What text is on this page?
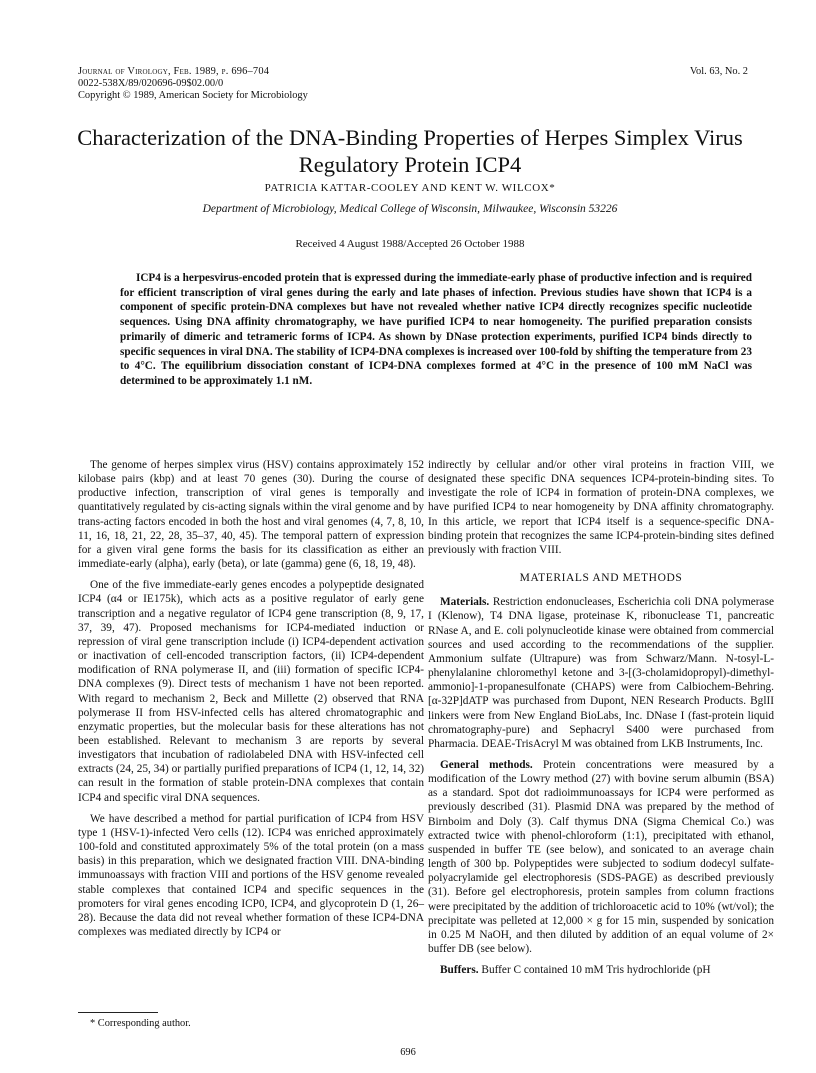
Journal of Virology, Feb. 1989, p. 696–704
0022-538X/89/020696-09$02.00/0
Copyright © 1989, American Society for Microbiology
Vol. 63, No. 2
Characterization of the DNA-Binding Properties of Herpes Simplex Virus Regulatory Protein ICP4
PATRICIA KATTAR-COOLEY AND KENT W. WILCOX*
Department of Microbiology, Medical College of Wisconsin, Milwaukee, Wisconsin 53226
Received 4 August 1988/Accepted 26 October 1988

ICP4 is a herpesvirus-encoded protein that is expressed during the immediate-early phase of productive infection and is required for efficient transcription of viral genes during the early and late phases of infection. Previous studies have shown that ICP4 is a component of specific protein-DNA complexes but have not revealed whether native ICP4 directly recognizes specific nucleotide sequences. Using DNA affinity chromatography, we have purified ICP4 to near homogeneity. The purified preparation consists primarily of dimeric and tetrameric forms of ICP4. As shown by DNase protection experiments, purified ICP4 binds directly to specific sequences in viral DNA. The stability of ICP4-DNA complexes is increased over 100-fold by shifting the temperature from 23 to 4°C. The equilibrium dissociation constant of ICP4-DNA complexes formed at 4°C in the presence of 100 mM NaCl was determined to be approximately 1.1 nM.

The genome of herpes simplex virus (HSV) contains approximately 152 kilobase pairs (kbp) and at least 70 genes (30). During the course of productive infection, transcription of viral genes is temporally and quantitatively regulated by cis-acting signals within the viral genome and by trans-acting factors encoded in both the host and viral genomes (4, 7, 8, 10, 11, 16, 18, 21, 22, 28, 35–37, 40, 45). The temporal pattern of expression for a given viral gene forms the basis for its classification as either an immediate-early (alpha), early (beta), or late (gamma) gene (6, 18, 19, 48).

One of the five immediate-early genes encodes a polypeptide designated ICP4 (α4 or IE175k), which acts as a positive regulator of early gene transcription and a negative regulator of ICP4 gene transcription (8, 9, 17, 37, 39, 47). Proposed mechanisms for ICP4-mediated induction or repression of viral gene transcription include (i) ICP4-dependent activation or inactivation of cell-encoded transcription factors, (ii) ICP4-dependent modification of RNA polymerase II, and (iii) formation of specific ICP4-DNA complexes (9). Direct tests of mechanism 1 have not been reported. With regard to mechanism 2, Beck and Millette (2) observed that RNA polymerase II from HSV-infected cells has altered chromatographic and enzymatic properties, but the molecular basis for these alterations has not been established. Relevant to mechanism 3 are reports by several investigators that incubation of radiolabeled DNA with HSV-infected cell extracts (24, 25, 34) or partially purified preparations of ICP4 (1, 12, 14, 32) can result in the formation of stable protein-DNA complexes that contain ICP4 and specific viral DNA sequences.

We have described a method for partial purification of ICP4 from HSV type 1 (HSV-1)-infected Vero cells (12). ICP4 was enriched approximately 100-fold and constituted approximately 5% of the total protein (on a mass basis) in this preparation, which we designated fraction VIII. DNA-binding immunoassays with fraction VIII and portions of the HSV genome revealed stable complexes that contained ICP4 and specific sequences in the promoters for viral genes encoding ICP0, ICP4, and glycoprotein D (1, 26–28). Because the data did not reveal whether formation of these ICP4-DNA complexes was mediated directly by ICP4 or

indirectly by cellular and/or other viral proteins in fraction VIII, we designated these specific DNA sequences ICP4-protein-binding sites. To investigate the role of ICP4 in formation of protein-DNA complexes, we have purified ICP4 to near homogeneity by DNA affinity chromatography. In this article, we report that ICP4 itself is a sequence-specific DNA-binding protein that recognizes the same ICP4-protein-binding sites defined previously with fraction VIII.

MATERIALS AND METHODS

Materials. Restriction endonucleases, Escherichia coli DNA polymerase I (Klenow), T4 DNA ligase, proteinase K, ribonuclease T1, pancreatic RNase A, and E. coli polynucleotide kinase were obtained from commercial sources and used according to the recommendations of the supplier. Ammonium sulfate (Ultrapure) was from Schwarz/Mann. N-tosyl-L-phenylalanine chloromethyl ketone and 3-[(3-cholamidopropyl)-dimethyl-ammonio]-1-propanesulfonate (CHAPS) were from Calbiochem-Behring. [α-32P]dATP was purchased from Dupont, NEN Research Products. BglII linkers were from New England BioLabs, Inc. DNase I (fast-protein liquid chromatography-pure) and Sephacryl S400 were purchased from Pharmacia. DEAE-TrisAcryl M was obtained from LKB Instruments, Inc.

General methods. Protein concentrations were measured by a modification of the Lowry method (27) with bovine serum albumin (BSA) as a standard. Spot dot radioimmunoassays for ICP4 were performed as previously described (31). Plasmid DNA was prepared by the method of Birnboim and Doly (3). Calf thymus DNA (Sigma Chemical Co.) was extracted twice with phenol-chloroform (1:1), precipitated with ethanol, suspended in buffer TE (see below), and sonicated to an average chain length of 300 bp. Polypeptides were subjected to sodium dodecyl sulfate-polyacrylamide gel electrophoresis (SDS-PAGE) as described previously (31). Before gel electrophoresis, protein samples from column fractions were precipitated by the addition of trichloroacetic acid to 10% (wt/vol); the precipitate was pelleted at 12,000 × g for 15 min, suspended by sonication in 0.25 M NaOH, and then diluted by addition of an equal volume of 2× buffer DB (see below).

Buffers. Buffer C contained 10 mM Tris hydrochloride (pH

* Corresponding author.
696
